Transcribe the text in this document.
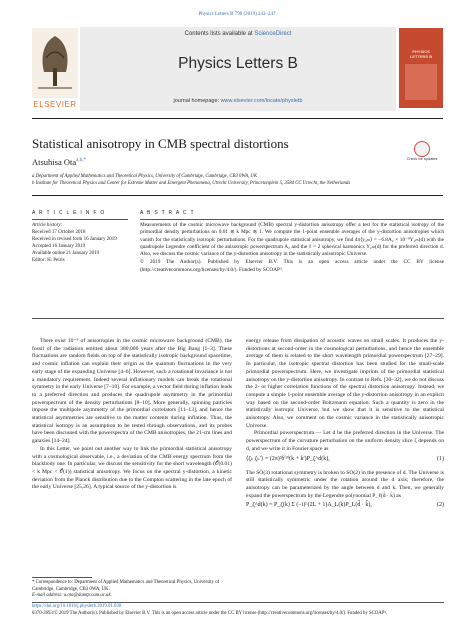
Physics Letters B 790 (2019) 243–247
ELSEVIER
Contents lists available at ScienceDirect
Physics Letters B
journal homepage: www.elsevier.com/locate/physletb
PHYSICS LETTERS B
Statistical anisotropy in CMB spectral distortions
Check for updates
Atsuhisa Ota$^{a,b,*}$
a Department of Applied Mathematics and Theoretical Physics, University of Cambridge, Cambridge, CB3 0WA, UK
b Institute for Theoretical Physics and Center for Extreme Matter and Emergent Phenomena, Utrecht University, Princetonplein 5, 3584 CC Utrecht, the Netherlands
A R T I C L E I N F O
Article history:
Received 17 October 2018
Received in revised form 16 January 2019
Accepted 16 January 2019
Available online 21 January 2019
Editor: H. Peiris
A B S T R A C T
Measurements of the cosmic microwave background (CMB) spectral y-distortion anisotropy offer a test for the statistical isotropy of the primordial density perturbations on 0.01 ≲ k Mpc ≲ 1. We compute the 1-point ensemble averages of the y-distortion anisotropies which vanish for the statistically isotropic perturbations. For the quadrupole statistical anisotropy, we find 4π⟨y₂ₘ⟩ = −6.8A₂ × 10⁻⁹Y₂ₘ(d) with the quadrupole Legendre coefficient of the anisotropic powerspectrum A₂ and the ℓ = 2 spherical harmonics Y₂ₘ(d) for the preferred direction d. Also, we discuss the cosmic variance of the y-distortion anisotropy in the statistically anisotropic Universe.
© 2019 The Author(s). Published by Elsevier B.V. This is an open access article under the CC BY license (http://creativecommons.org/licenses/by/4.0/). Funded by SCOAP³.

There exist 10⁻⁵ of anisotropies in the cosmic microwave background (CMB), the fossil of the radiation emitted about 380,000 years after the Big Bang [1–3]. These fluctuations are random fields on top of the statistically isotropic background spacetime, and cosmic inflation can explain their origin as the quantum fluctuations in the very early stage of the expanding Universe [4–6]. However, such a rotational invariance is not a mandatory requirement. Indeed several inflationary models can break the rotational symmetry in the early Universe [7–10]. For example, a vector field during inflation leads to a preferred direction and produces the quadrupole asymmetry in the primordial powerspectrum of the density perturbations [8–10]. More generally, spinning particles impose the multipole asymmetry of the primordial correlators [11–13], and hence the statistical asymmetries are sensitive to the matter contents during inflation. Thus, the statistical isotropy is an assumption to be tested through observations, and its probes have been discussed with the powerspectra of the CMB anisotropies, the 21-cm lines and galaxies [14–24].

In this Letter, we point out another way to link the primordial statistical anisotropy with a cosmological observable, i.e., a deviation of the CMB energy spectrum from the blackbody one. In particular, we discuss the sensitivity for the short wavelength (𝒪(0.01) < k Mpc < 𝒪(1)) statistical anisotropy. We focus on the spectral y-distortion, a kinetic deviation from the Planck distribution due to the Compton scattering in the late epoch of the early Universe [25,26]. A typical source of the y-distortion is

energy release from dissipation of acoustic waves on small scales. It produces the y-distortions at second-order in the cosmological perturbations, and hence the ensemble average of them is related to the short wavelength primordial powerspectrum [27–29]. In particular, the isotropic spectral distortion has been studied for the small-scale primordial powerspectrum. Here, we investigate imprints of the primordial statistical anisotropy on the y-distortion anisotropy. In contrast to Refs. [30–32], we do not discuss the 2- or higher correlation functions of the spectral distortion anisotropy. Instead, we compute a simple 1-point ensemble average of the y-distortion anisotropy in an explicit way based on the second-order Boltzmann equation. Such a quantity is zero in the statistically isotropic Universe, but we show that it is sensitive to the statistical anisotropy. Also, we comment on the cosmic variance in the statistically anisotropic Universe.

Primordial powerspectrum.— Let d be the preferred direction in the Universe. The powerspectrum of the curvature perturbation on the uniform density slice ζ depends on d, and we write it in Fourier space as

⟨ζₖ ζₖ'⟩ = (2π)³δ⁽³⁾(k + k')P_ζ^d(k),	(1)

The SO(3) rotational symmetry is broken to SO(2) in the presence of d. The Universe is still statistically symmetric under the rotation around the d axis; therefore, the anisotropy can be parameterized by the angle between d and k. Then, we generally expand the powerspectrum by the Legendre polynomial P_ℓ(d̂ · k̂) as

P_ζ^d(k) = P_ζ(k) Σ (−i)ᴸ(2L + 1)A_L(k)P_L(d̂ · k̂),	(2)
* Correspondence to: Department of Applied Mathematics and Theoretical Physics, University of Cambridge, Cambridge, CB3 0WA, UK.
E-mail address: a.ota@damtp.cam.ac.uk.
https://doi.org/10.1016/j.physletb.2019.01.030
0370-2693/© 2019 The Author(s). Published by Elsevier B.V. This is an open access article under the CC BY license (http://creativecommons.org/licenses/by/4.0/). Funded by SCOAP³.
